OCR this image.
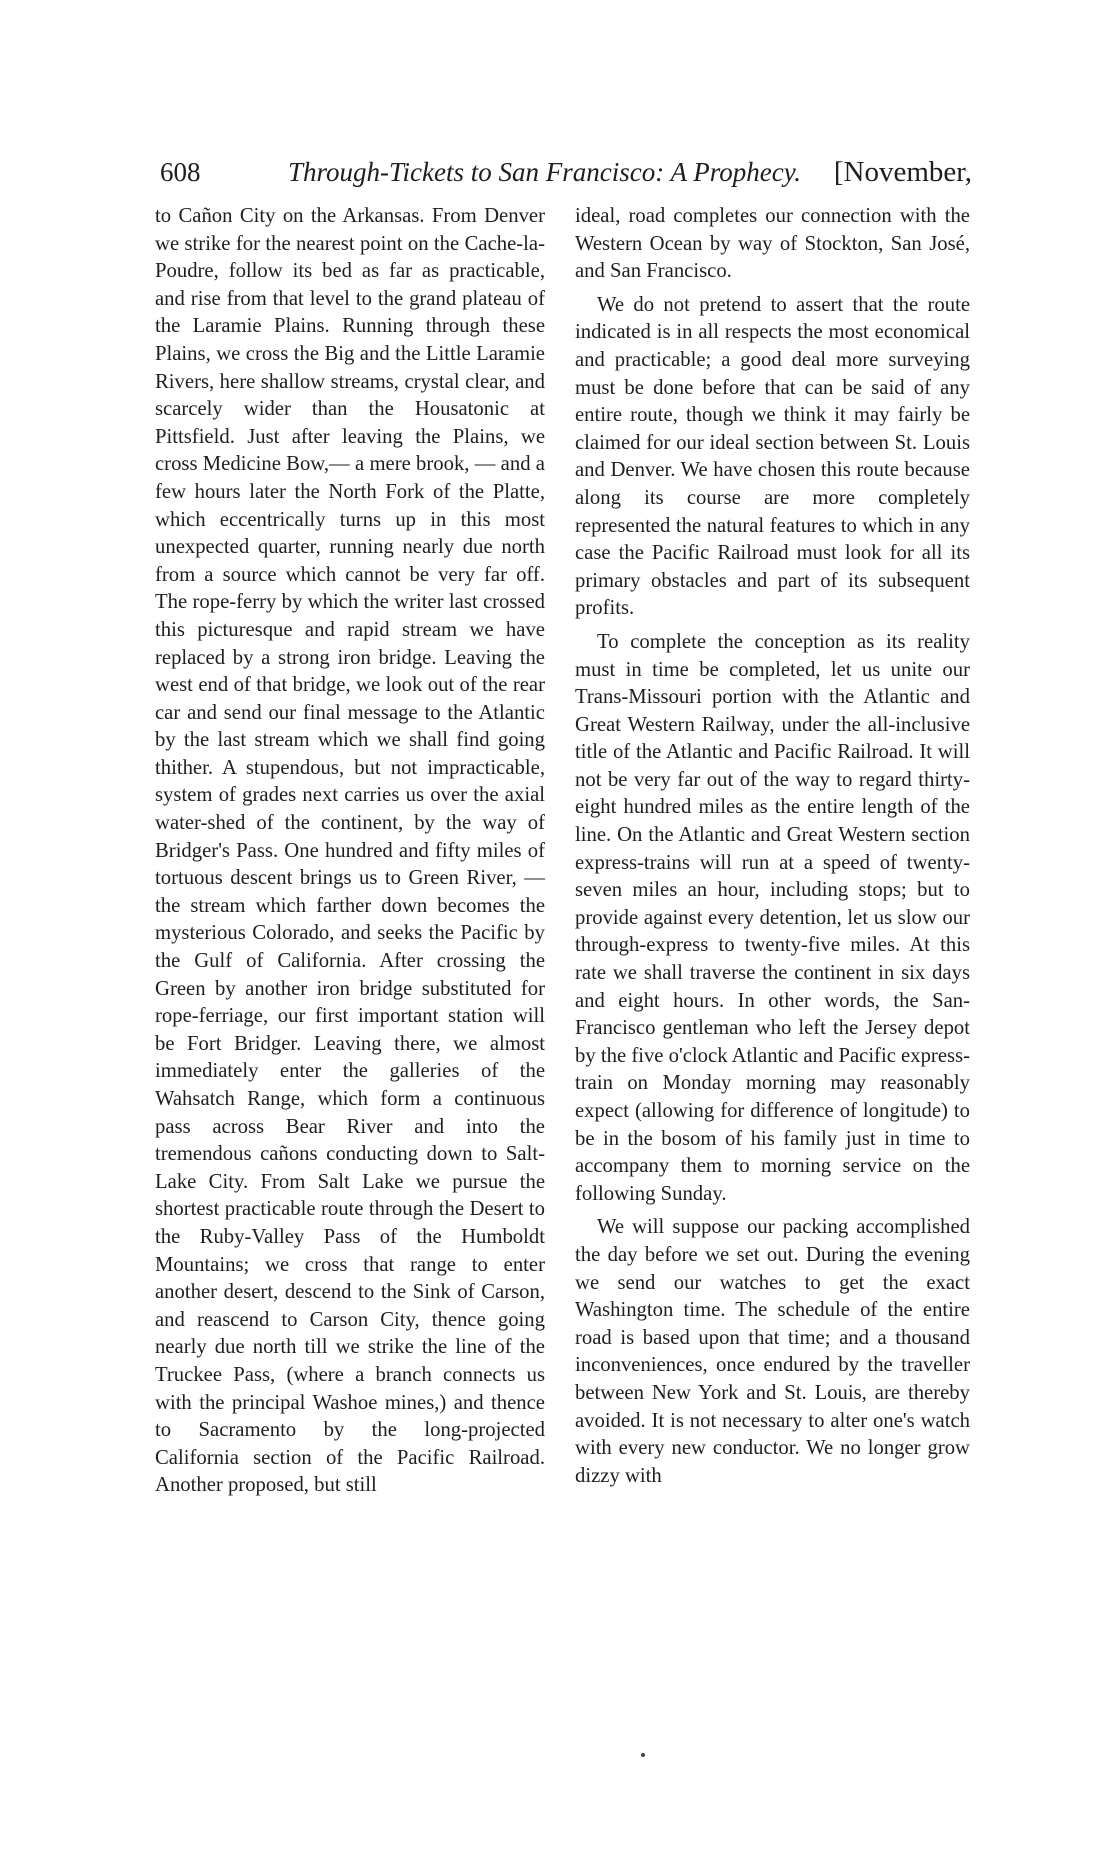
608	Through-Tickets to San Francisco: A Prophecy. [November,

to Cañon City on the Arkansas. From Denver we strike for the nearest point on the Cache-la-Poudre, follow its bed as far as practicable, and rise from that level to the grand plateau of the Laramie Plains. Running through these Plains, we cross the Big and the Little Laramie Rivers, here shallow streams, crystal clear, and scarcely wider than the Housatonic at Pittsfield. Just after leaving the Plains, we cross Medicine Bow,— a mere brook, — and a few hours later the North Fork of the Platte, which eccentrically turns up in this most unexpected quarter, running nearly due north from a source which cannot be very far off. The rope-ferry by which the writer last crossed this picturesque and rapid stream we have replaced by a strong iron bridge. Leaving the west end of that bridge, we look out of the rear car and send our final message to the Atlantic by the last stream which we shall find going thither. A stupendous, but not impracticable, system of grades next carries us over the axial water-shed of the continent, by the way of Bridger's Pass. One hundred and fifty miles of tortuous descent brings us to Green River, — the stream which farther down becomes the mysterious Colorado, and seeks the Pacific by the Gulf of California. After crossing the Green by another iron bridge substituted for rope-ferriage, our first important station will be Fort Bridger. Leaving there, we almost immediately enter the galleries of the Wahsatch Range, which form a continuous pass across Bear River and into the tremendous cañons conducting down to Salt-Lake City. From Salt Lake we pursue the shortest practicable route through the Desert to the Ruby-Valley Pass of the Humboldt Mountains; we cross that range to enter another desert, descend to the Sink of Carson, and reascend to Carson City, thence going nearly due north till we strike the line of the Truckee Pass, (where a branch connects us with the principal Washoe mines,) and thence to Sacramento by the long-projected California section of the Pacific Railroad. Another proposed, but still

ideal, road completes our connection with the Western Ocean by way of Stockton, San José, and San Francisco.

We do not pretend to assert that the route indicated is in all respects the most economical and practicable; a good deal more surveying must be done before that can be said of any entire route, though we think it may fairly be claimed for our ideal section between St. Louis and Denver. We have chosen this route because along its course are more completely represented the natural features to which in any case the Pacific Railroad must look for all its primary obstacles and part of its subsequent profits.

To complete the conception as its reality must in time be completed, let us unite our Trans-Missouri portion with the Atlantic and Great Western Railway, under the all-inclusive title of the Atlantic and Pacific Railroad. It will not be very far out of the way to regard thirty-eight hundred miles as the entire length of the line. On the Atlantic and Great Western section express-trains will run at a speed of twenty-seven miles an hour, including stops; but to provide against every detention, let us slow our through-express to twenty-five miles. At this rate we shall traverse the continent in six days and eight hours. In other words, the San-Francisco gentleman who left the Jersey depot by the five o'clock Atlantic and Pacific express-train on Monday morning may reasonably expect (allowing for difference of longitude) to be in the bosom of his family just in time to accompany them to morning service on the following Sunday.

We will suppose our packing accomplished the day before we set out. During the evening we send our watches to get the exact Washington time. The schedule of the entire road is based upon that time; and a thousand inconveniences, once endured by the traveller between New York and St. Louis, are thereby avoided. It is not necessary to alter one's watch with every new conductor. We no longer grow dizzy with
